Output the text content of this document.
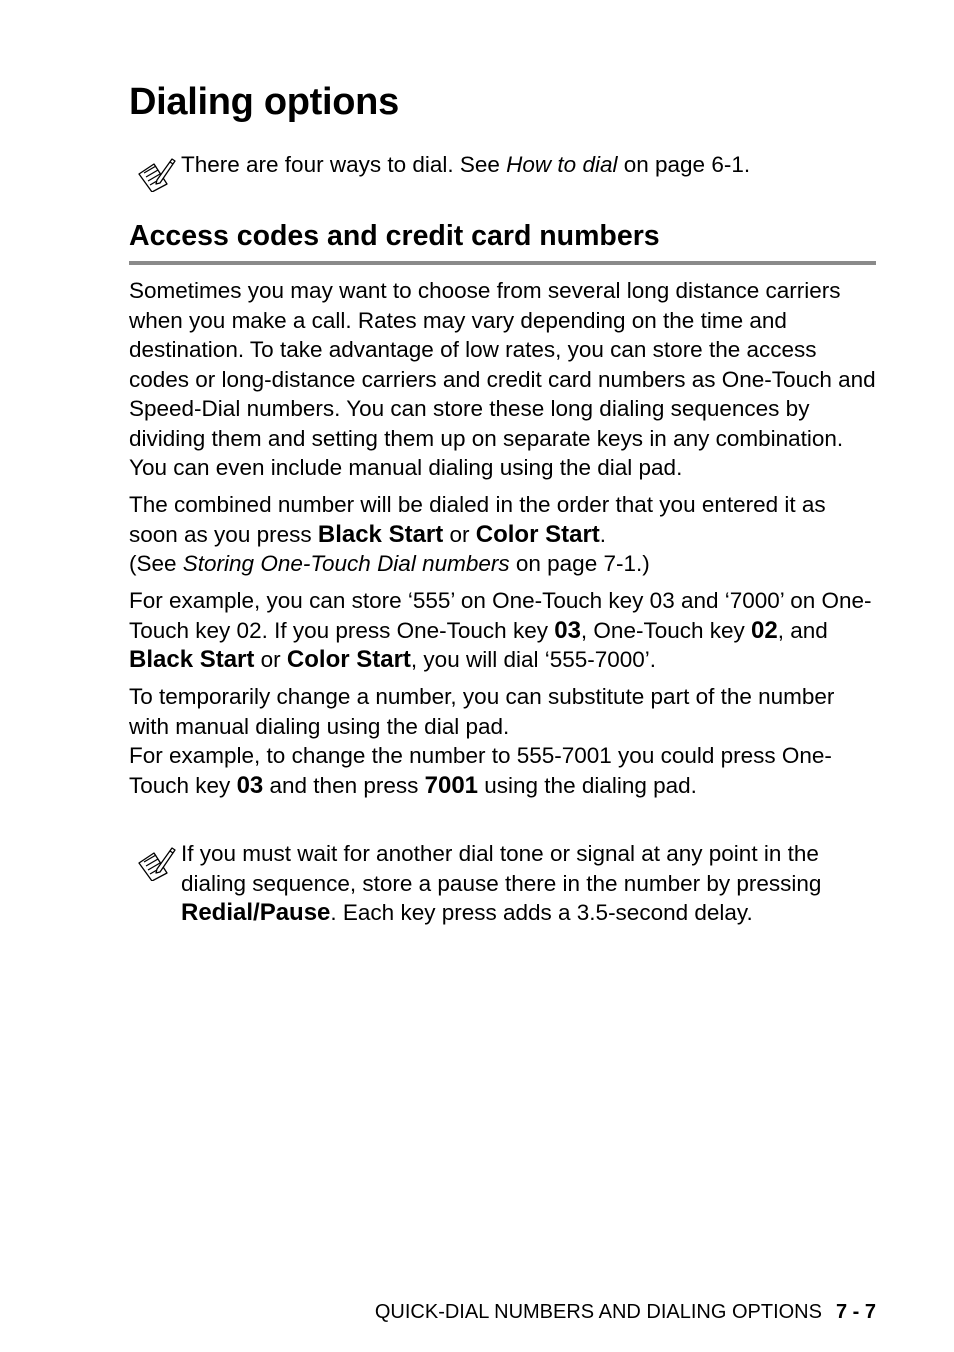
Dialing options
There are four ways to dial. See How to dial on page 6-1.
Access codes and credit card numbers

Sometimes you may want to choose from several long distance carriers when you make a call. Rates may vary depending on the time and destination. To take advantage of low rates, you can store the access codes or long-distance carriers and credit card numbers as One-Touch and Speed-Dial numbers. You can store these long dialing sequences by dividing them and setting them up on separate keys in any combination. You can even include manual dialing using the dial pad.

The combined number will be dialed in the order that you entered it as soon as you press Black Start or Color Start.
(See Storing One-Touch Dial numbers on page 7-1.)

For example, you can store ‘555’ on One-Touch key 03 and ‘7000’ on One-Touch key 02. If you press One-Touch key 03, One-Touch key 02, and Black Start or Color Start, you will dial ‘555-7000’.

To temporarily change a number, you can substitute part of the number with manual dialing using the dial pad.
For example, to change the number to 555-7001 you could press One-Touch key 03 and then press 7001 using the dialing pad.

If you must wait for another dial tone or signal at any point in the dialing sequence, store a pause there in the number by pressing Redial/Pause. Each key press adds a 3.5-second delay.
QUICK-DIAL NUMBERS AND DIALING OPTIONS 7 - 7
